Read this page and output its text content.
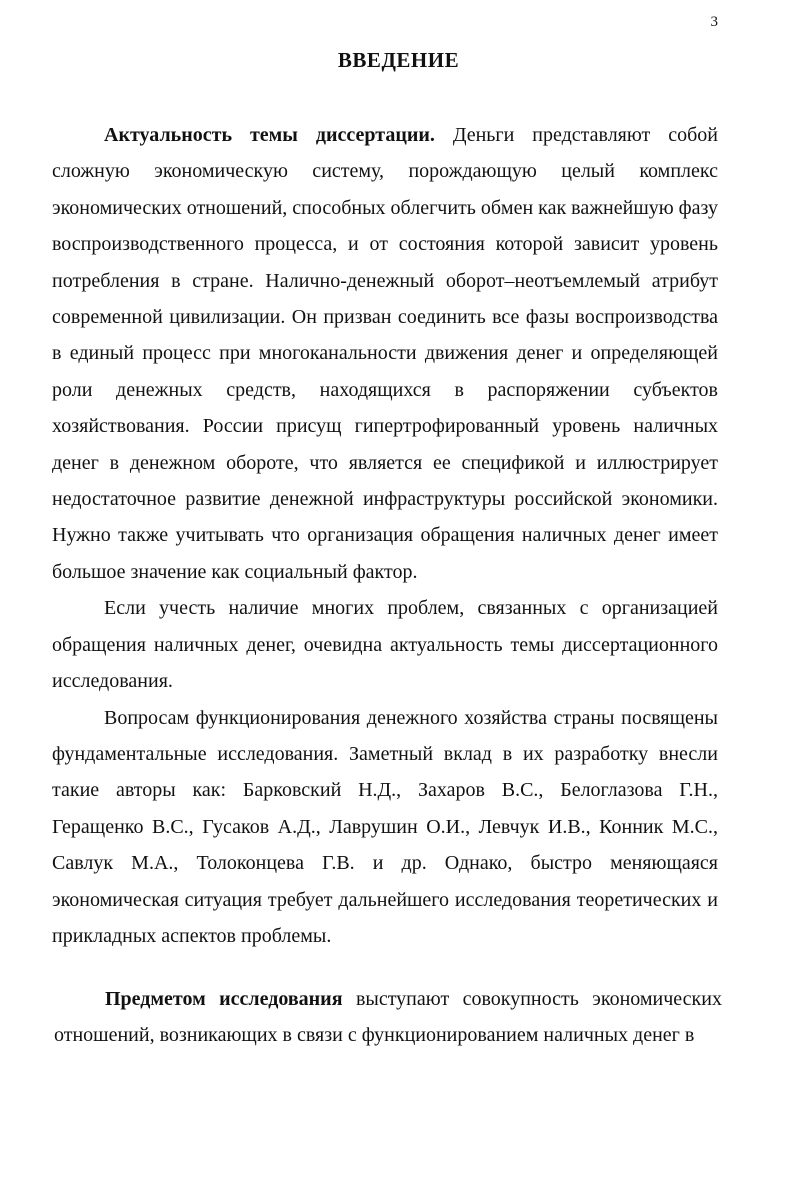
3
ВВЕДЕНИЕ

Актуальность темы диссертации. Деньги представляют собой сложную экономическую систему, порождающую целый комплекс экономических отношений, способных облегчить обмен как важнейшую фазу воспроизводственного процесса, и от состояния которой зависит уровень потребления в стране. Налично-денежный оборот–неотъемлемый атрибут современной цивилизации. Он призван соединить все фазы воспроизводства в единый процесс при многоканальности движения денег и определяющей роли денежных средств, находящихся в распоряжении субъектов хозяйствования. России присущ гипертрофированный уровень наличных денег в денежном обороте, что является ее спецификой и иллюстрирует недостаточное развитие денежной инфраструктуры российской экономики. Нужно также учитывать что организация обращения наличных денег имеет большое значение как социальный фактор.

Если учесть наличие многих проблем, связанных с организацией обращения наличных денег, очевидна актуальность темы диссертационного исследования.

Вопросам функционирования денежного хозяйства страны посвящены фундаментальные исследования. Заметный вклад в их разработку внесли такие авторы как: Барковский Н.Д., Захаров В.С., Белоглазова Г.Н., Геращенко В.С., Гусаков А.Д., Лаврушин О.И., Левчук И.В., Конник М.С., Савлук М.А., Толоконцева Г.В. и др. Однако, быстро меняющаяся экономическая ситуация требует дальнейшего исследования теоретических и прикладных аспектов проблемы.

Предметом исследования выступают совокупность экономических отношений, возникающих в связи с функционированием наличных денег в
